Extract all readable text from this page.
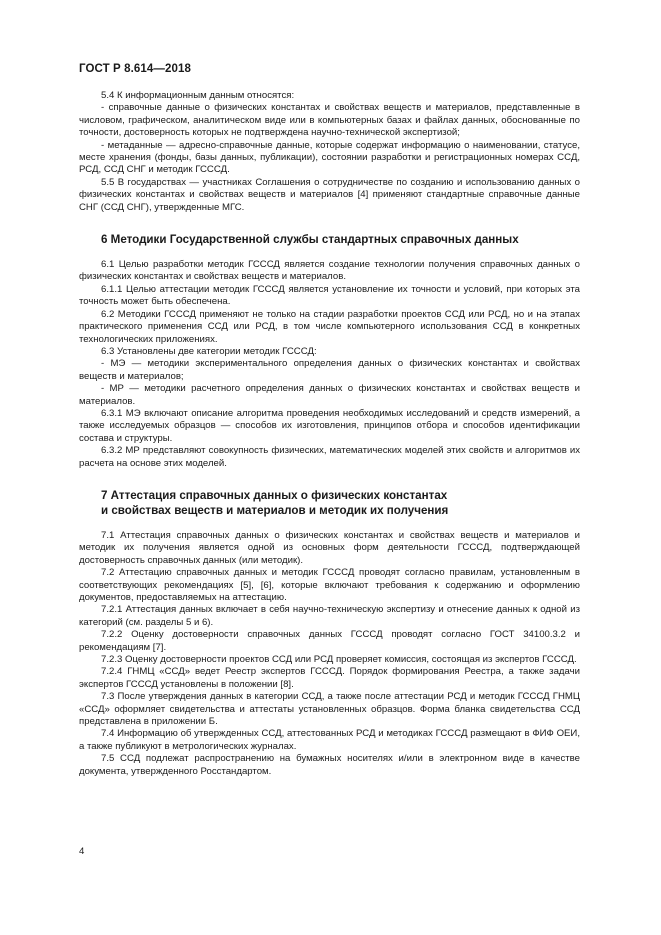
ГОСТ Р 8.614—2018

5.4 К информационным данным относятся:

- справочные данные о физических константах и свойствах веществ и материалов, представленные в числовом, графическом, аналитическом виде или в компьютерных базах и файлах данных, обоснованные по точности, достоверность которых не подтверждена научно-технической экспертизой;

- метаданные — адресно-справочные данные, которые содержат информацию о наименовании, статусе, месте хранения (фонды, базы данных, публикации), состоянии разработки и регистрационных номерах ССД, РСД, ССД СНГ и методик ГСССД.

5.5 В государствах — участниках Соглашения о сотрудничестве по созданию и использованию данных о физических константах и свойствах веществ и материалов [4] применяют стандартные справочные данные СНГ (ССД СНГ), утвержденные МГС.

6 Методики Государственной службы стандартных справочных данных

6.1 Целью разработки методик ГСССД является создание технологии получения справочных данных о физических константах и свойствах веществ и материалов.

6.1.1 Целью аттестации методик ГСССД является установление их точности и условий, при которых эта точность может быть обеспечена.

6.2 Методики ГСССД применяют не только на стадии разработки проектов ССД или РСД, но и на этапах практического применения ССД или РСД, в том числе компьютерного использования ССД в конкретных технологических приложениях.

6.3 Установлены две категории методик ГСССД:

- МЭ — методики экспериментального определения данных о физических константах и свойствах веществ и материалов;

- МР — методики расчетного определения данных о физических константах и свойствах веществ и материалов.

6.3.1 МЭ включают описание алгоритма проведения необходимых исследований и средств измерений, а также исследуемых образцов — способов их изготовления, принципов отбора и способов идентификации состава и структуры.

6.3.2 МР представляют совокупность физических, математических моделей этих свойств и алгоритмов их расчета на основе этих моделей.

7 Аттестация справочных данных о физических константах
и свойствах веществ и материалов и методик их получения

7.1 Аттестация справочных данных о физических константах и свойствах веществ и материалов и методик их получения является одной из основных форм деятельности ГСССД, подтверждающей достоверность справочных данных (или методик).

7.2 Аттестацию справочных данных и методик ГСССД проводят согласно правилам, установленным в соответствующих рекомендациях [5], [6], которые включают требования к содержанию и оформлению документов, предоставляемых на аттестацию.

7.2.1 Аттестация данных включает в себя научно-техническую экспертизу и отнесение данных к одной из категорий (см. разделы 5 и 6).

7.2.2 Оценку достоверности справочных данных ГСССД проводят согласно ГОСТ 34100.3.2 и рекомендациям [7].

7.2.3 Оценку достоверности проектов ССД или РСД проверяет комиссия, состоящая из экспертов ГСССД.

7.2.4 ГНМЦ «ССД» ведет Реестр экспертов ГСССД. Порядок формирования Реестра, а также задачи экспертов ГСССД установлены в положении [8].

7.3 После утверждения данных в категории ССД, а также после аттестации РСД и методик ГСССД ГНМЦ «ССД» оформляет свидетельства и аттестаты установленных образцов. Форма бланка свидетельства ССД представлена в приложении Б.

7.4 Информацию об утвержденных ССД, аттестованных РСД и методиках ГСССД размещают в ФИФ ОЕИ, а также публикуют в метрологических журналах.

7.5 ССД подлежат распространению на бумажных носителях и/или в электронном виде в качестве документа, утвержденного Росстандартом.

4
